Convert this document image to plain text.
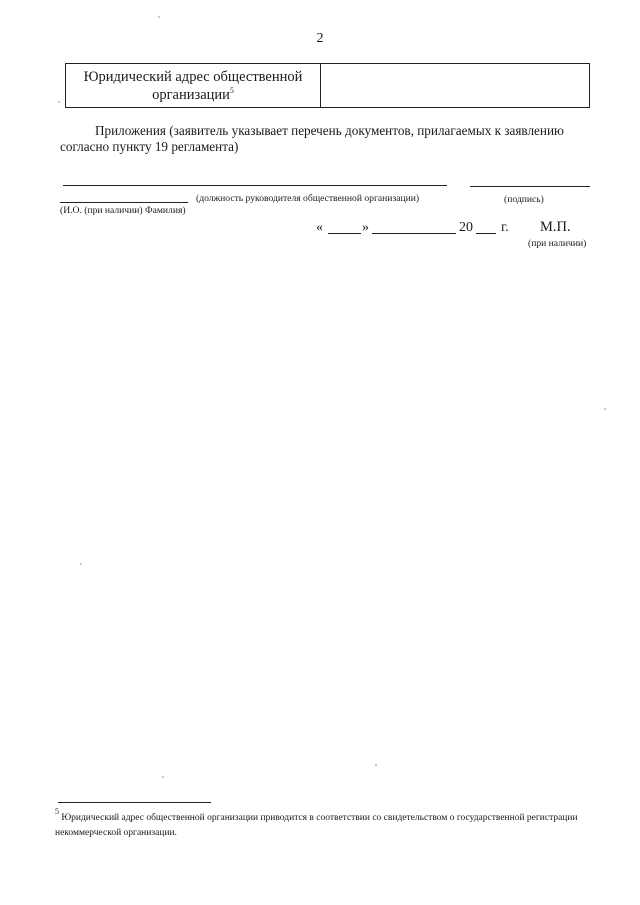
2
Юридический адрес общественной
организации$^5$
Приложения (заявитель указывает перечень документов, прилагаемых к заявлению
согласно пункту 19 регламента)
(должность руководителя общественной организации)	(подпись)
(И.О. (при наличии) Фамилия)
«	»	20 г. М.П.
(при наличии)
$^5$ Юридический адрес общественной организации приводится в соответствии со свидетельством о государственной регистрации некоммерческой организации.
